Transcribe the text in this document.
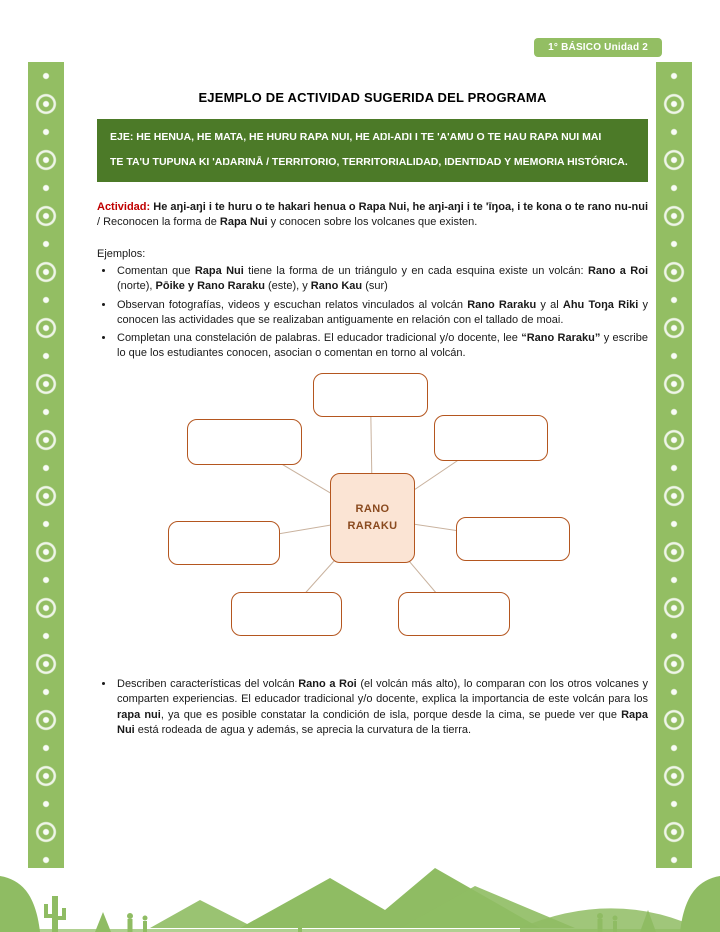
1° BÁSICO Unidad 2
EJEMPLO DE ACTIVIDAD SUGERIDA DEL PROGRAMA

EJE: HE HENUA, HE MATA, HE HURU RAPA NUI, HE AŊI-AŊI I TE 'A'AMU O TE HAU RAPA NUI MAI

TE TA'U TUPUNA KI 'AŊARINĀ / TERRITORIO, TERRITORIALIDAD, IDENTIDAD Y MEMORIA HISTÓRICA.

Actividad: He aŋi-aŋi i te huru o te hakari henua o Rapa Nui, he aŋi-aŋi i te 'īŋoa, i te kona o te rano nu-nui / Reconocen la forma de Rapa Nui y conocen sobre los volcanes que existen.

Ejemplos:

• Comentan que Rapa Nui tiene la forma de un triángulo y en cada esquina existe un volcán: Rano a Roi (norte), Pōike y Rano Raraku (este), y Rano Kau (sur)
• Observan fotografías, videos y escuchan relatos vinculados al volcán Rano Raraku y al Ahu Toŋa Riki y conocen las actividades que se realizaban antiguamente en relación con el tallado de moai.
• Completan una constelación de palabras. El educador tradicional y/o docente, lee “Rano Raraku” y escribe lo que los estudiantes conocen, asocian o comentan en torno al volcán.
RANO RARAKU
• Describen características del volcán Rano a Roi (el volcán más alto), lo comparan con los otros volcanes y comparten experiencias. El educador tradicional y/o docente, explica la importancia de este volcán para los rapa nui, ya que es posible constatar la condición de isla, porque desde la cima, se puede ver que Rapa Nui está rodeada de agua y además, se aprecia la curvatura de la tierra.
